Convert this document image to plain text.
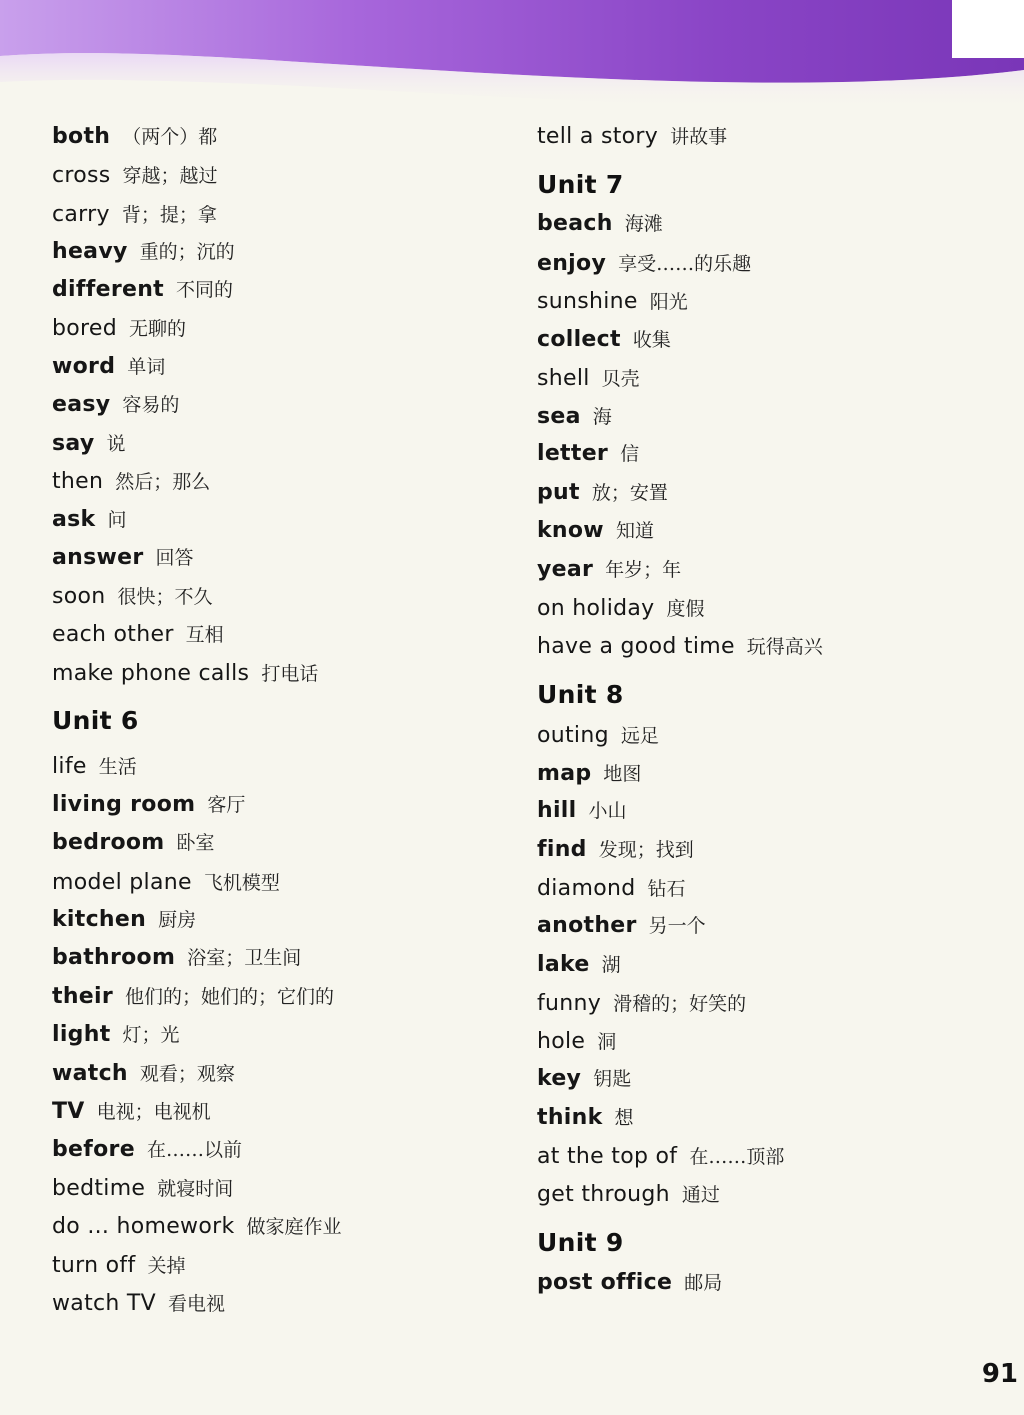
both （两个）都
cross 穿越；越过
carry 背；提；拿
heavy 重的；沉的
different 不同的
bored 无聊的
word 单词
easy 容易的
say 说
then 然后；那么
ask 问
answer 回答
soon 很快；不久
each other 互相
make phone calls 打电话
Unit 6
life 生活
living room 客厅
bedroom 卧室
model plane 飞机模型
kitchen 厨房
bathroom 浴室；卫生间
their 他们的；她们的；它们的
light 灯；光
watch 观看；观察
TV 电视；电视机
before 在……以前
bedtime 就寝时间
do ... homework 做家庭作业
turn off 关掉
watch TV 看电视
tell a story 讲故事
Unit 7
beach 海滩
enjoy 享受……的乐趣
sunshine 阳光
collect 收集
shell 贝壳
sea 海
letter 信
put 放；安置
know 知道
year 年岁；年
on holiday 度假
have a good time 玩得高兴
Unit 8
outing 远足
map 地图
hill 小山
find 发现；找到
diamond 钻石
another 另一个
lake 湖
funny 滑稽的；好笑的
hole 洞
key 钥匙
think 想
at the top of 在……顶部
get through 通过
Unit 9
post office 邮局
91
